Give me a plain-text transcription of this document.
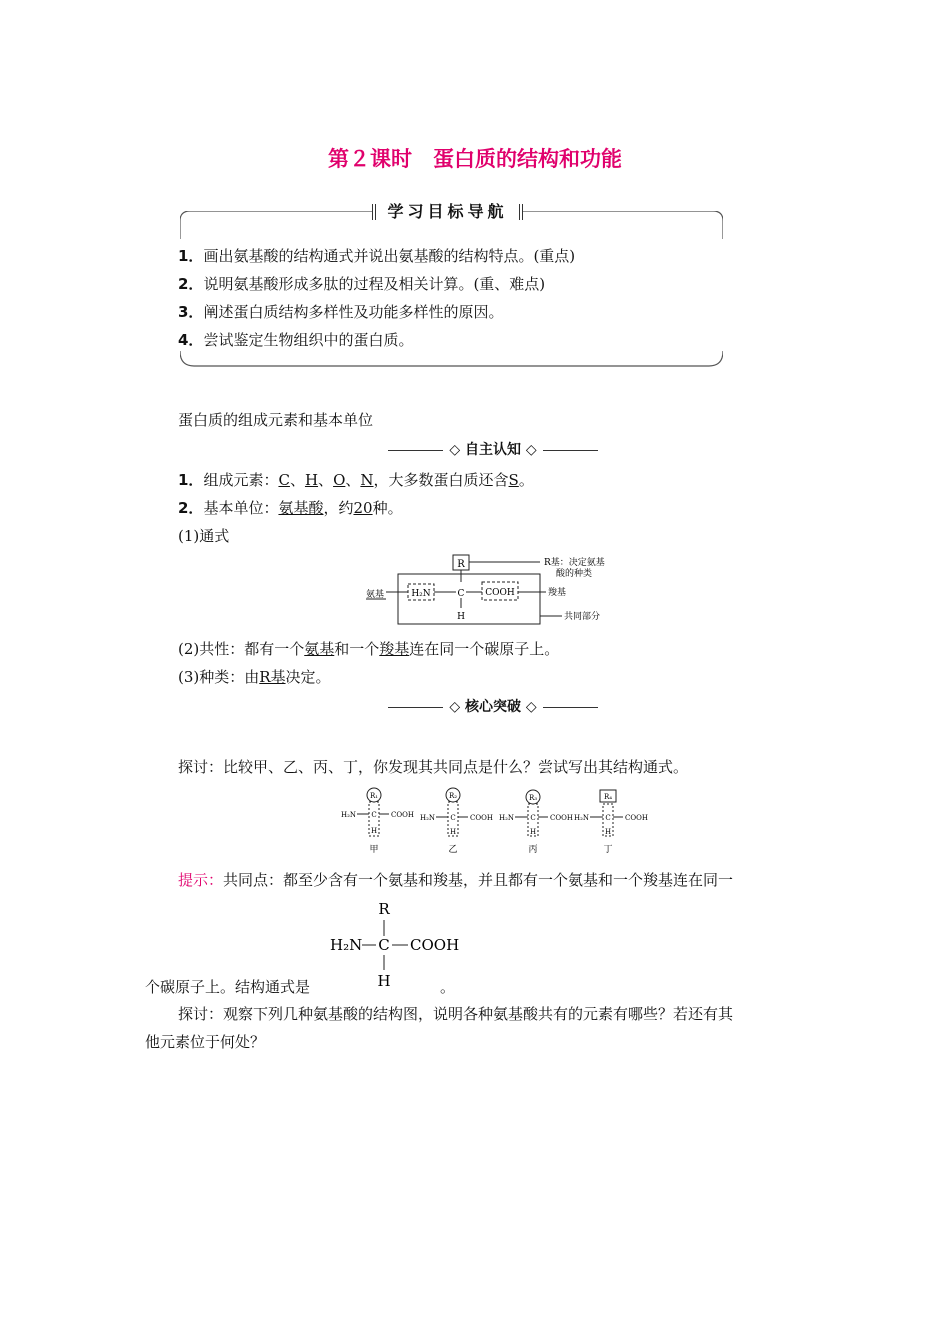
第２课时　蛋白质的结构和功能
学习目标导航
1．画出氨基酸的结构通式并说出氨基酸的结构特点。(重点)
2．说明氨基酸形成多肽的过程及相关计算。(重、难点)
3．阐述蛋白质结构多样性及功能多样性的原因。
4．尝试鉴定生物组织中的蛋白质。
蛋白质的组成元素和基本单位
◇ 自主认知 ◇
1．组成元素：C、H、O、N，大多数蛋白质还含S。
2．基本单位：氨基酸，约20种。
(1)通式
R	R基：决定氨基
酸的种类
H₂N	C COOH	羧基
H
氨基
共同部分
(2)共性：都有一个氨基和一个羧基连在同一个碳原子上。
(3)种类：由R基决定。
◇ 核心突破 ◇
探讨：比较甲、乙、丙、丁，你发现其共同点是什么？尝试写出其结构通式。
R₁
H₂N C COOH
H
甲
R₂
H₂N C COOH
H
乙
R₃
H₂N C COOH
H
丙
R₄
H₂N C COOH
H
丁
提示：共同点：都至少含有一个氨基和羧基，并且都有一个氨基和一个羧基连在同一
R
H₂N C COOH
H
个碳原子上。结构通式是	。
探讨：观察下列几种氨基酸的结构图，说明各种氨基酸共有的元素有哪些？若还有其
他元素位于何处？
